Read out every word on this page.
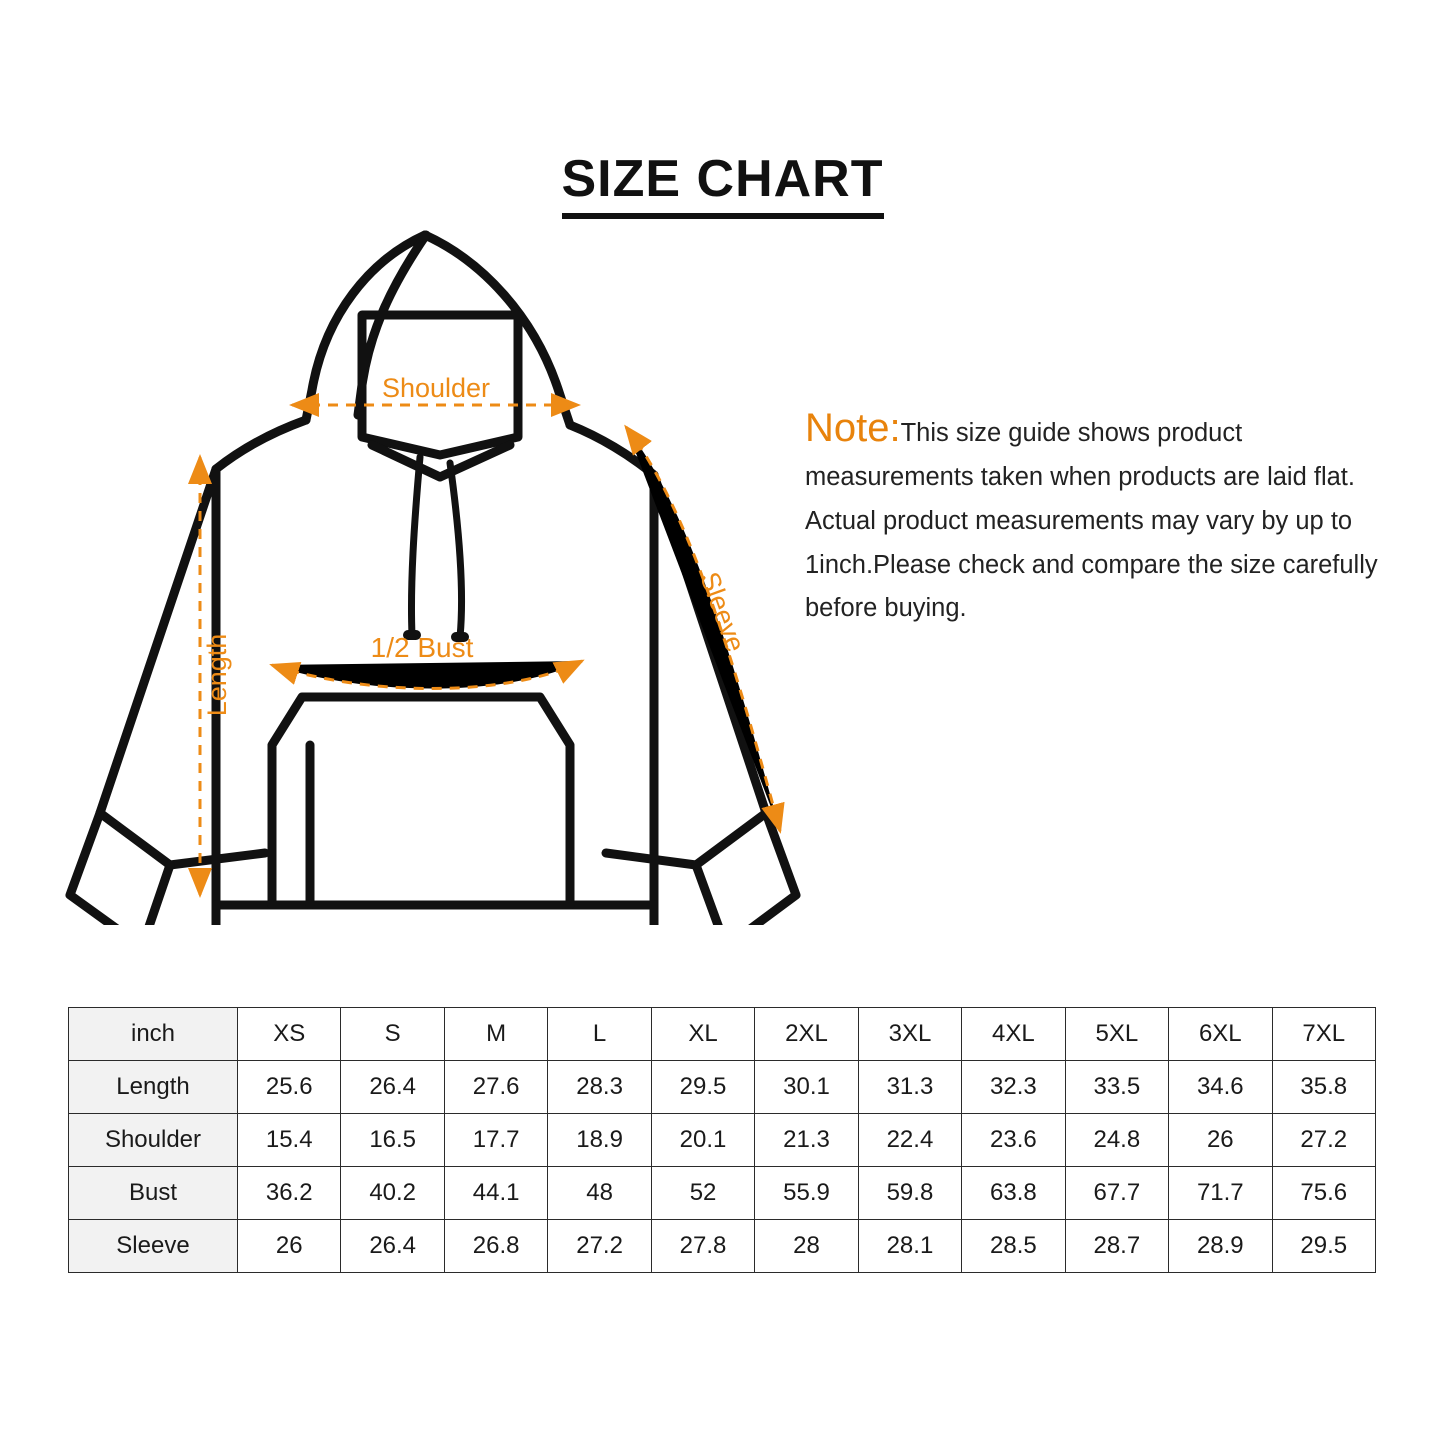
SIZE CHART
Shoulder
Length	1/2 Bust	Sleeve
Note:This size guide shows product measurements taken when products are laid flat. Actual product measurements may vary by up to 1inch.Please check and compare the size carefully before buying.
inch	XS	S	M	L	XL	2XL	3XL	4XL	5XL	6XL	7XL
Length	25.6	26.4	27.6	28.3	29.5	30.1	31.3	32.3	33.5	34.6	35.8
Shoulder	15.4	16.5	17.7	18.9	20.1	21.3	22.4	23.6	24.8	26	27.2
Bust	36.2	40.2	44.1	48	52	55.9	59.8	63.8	67.7	71.7	75.6
Sleeve	26	26.4	26.8	27.2	27.8	28	28.1	28.5	28.7	28.9	29.5
